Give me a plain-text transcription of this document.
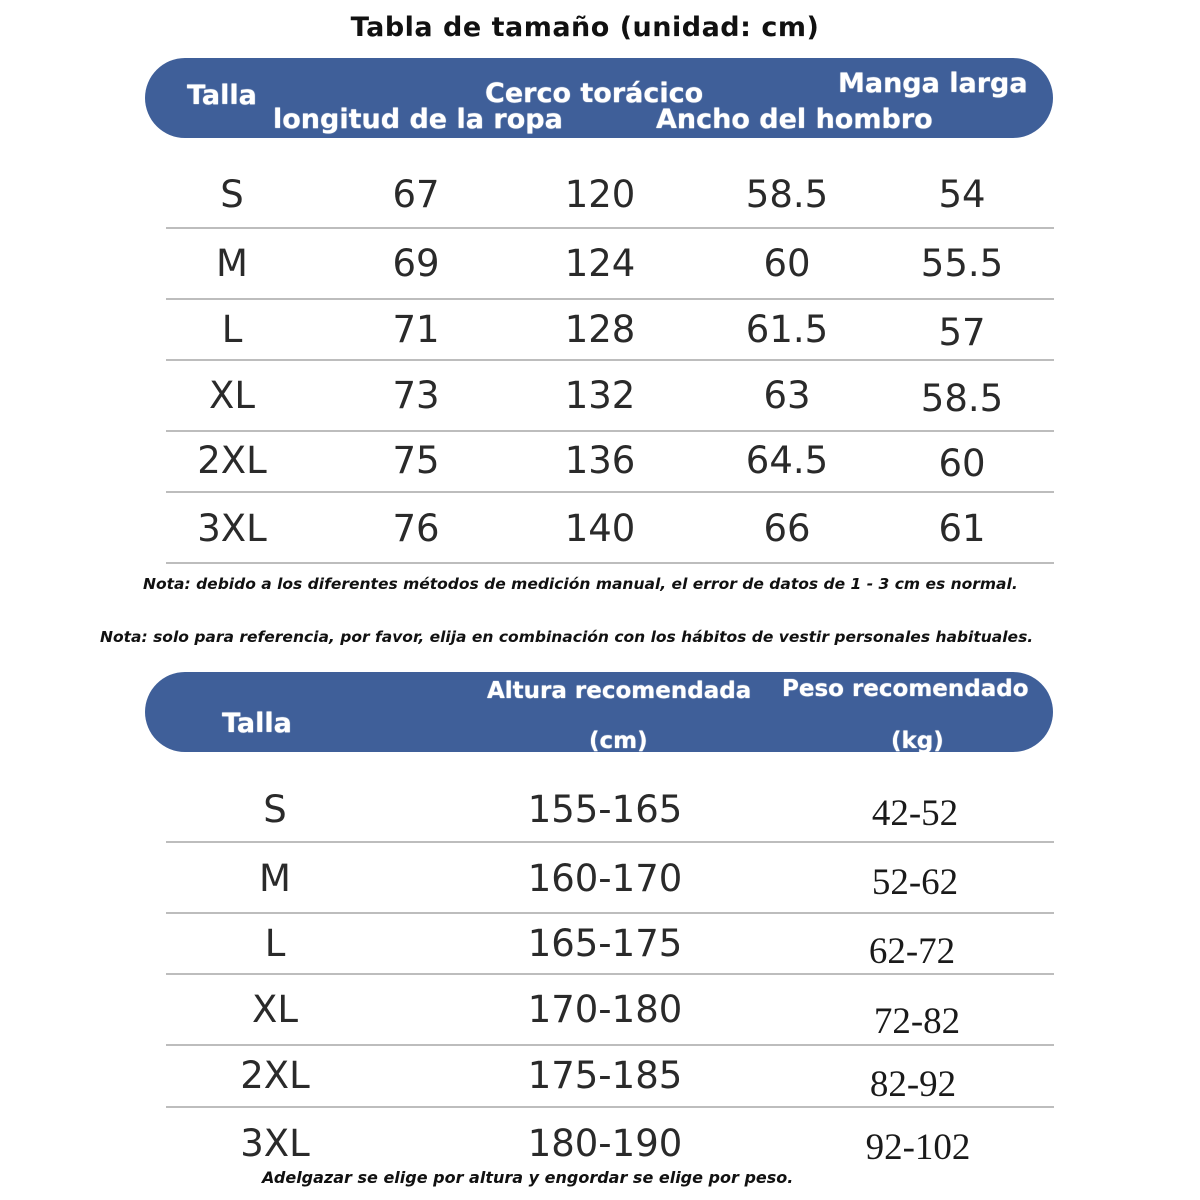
Tabla de tamaño (unidad: cm)
Talla
longitud de la ropa
Cerco torácico
Ancho del hombro
Manga larga
S	67	120	58.5	54
M	69	124	60	55.5
L	71	128	61.5	57
XL	73	132	63	58.5
2XL	75	136	64.5	60
3XL	76	140	66	61
Nota: debido a los diferentes métodos de medición manual, el error de datos de 1 - 3 cm es normal.
Nota: solo para referencia, por favor, elija en combinación con los hábitos de vestir personales habituales.
Talla
Altura recomendada
(cm)
Peso recomendado
(kg)
S	155-165	42-52
M	160-170	52-62
L	165-175	62-72
XL	170-180	72-82
2XL	175-185	82-92
3XL	180-190	92-102
Adelgazar se elige por altura y engordar se elige por peso.
